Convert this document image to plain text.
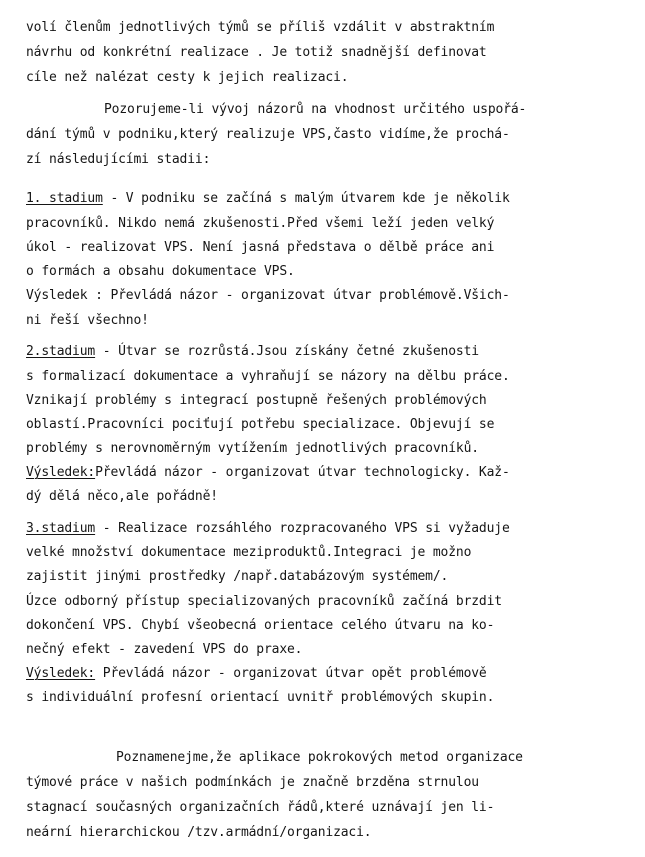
volí členům jednotlivých týmů se příliš vzdálit v abstraktním
návrhu od konkrétní realizace . Je totiž snadnější definovat
cíle než nalézat cesty k jejich realizaci.
Pozorujeme-li vývoj názorů na vhodnost určitého uspořá-
dání týmů v podniku,který realizuje VPS,často vidíme,že prochá-
zí následujícími stadii:
1. stadium - V podniku se začíná s malým útvarem kde je několik
pracovníků. Nikdo nemá zkušenosti.Před všemi leží jeden velký
úkol - realizovat VPS. Není jasná představa o dělbě práce ani
o formách a obsahu dokumentace VPS.
Výsledek : Převládá názor - organizovat útvar problémově.Všich-
ni řeší všechno!
2.stadium - Útvar se rozrůstá.Jsou získány četné zkušenosti
s formalizací dokumentace a vyhraňují se názory na dělbu práce.
Vznikají problémy s integrací postupně řešených problémových
oblastí.Pracovníci pociťují potřebu specializace. Objevují se
problémy s nerovnoměrným vytížením jednotlivých pracovníků.
Výsledek:Převládá názor - organizovat útvar technologicky. Kaž-
dý dělá něco,ale pořádně!
3.stadium - Realizace rozsáhlého rozpracovaného VPS si vyžaduje
velké množství dokumentace meziproduktů.Integraci je možno
zajistit jinými prostředky /např.databázovým systémem/.
Úzce odborný přístup specializovaných pracovníků začíná brzdit
dokončení VPS. Chybí všeobecná orientace celého útvaru na ko-
nečný efekt - zavedení VPS do praxe.
Výsledek: Převládá názor - organizovat útvar opět problémově
s individuální profesní orientací uvnitř problémových skupin.
Poznamenejme,že aplikace pokrokových metod organizace
týmové práce v našich podmínkách je značně brzděna strnulou
stagnací současných organizačních řádů,které uznávají jen li-
neární hierarchickou /tzv.armádní/organizaci.
